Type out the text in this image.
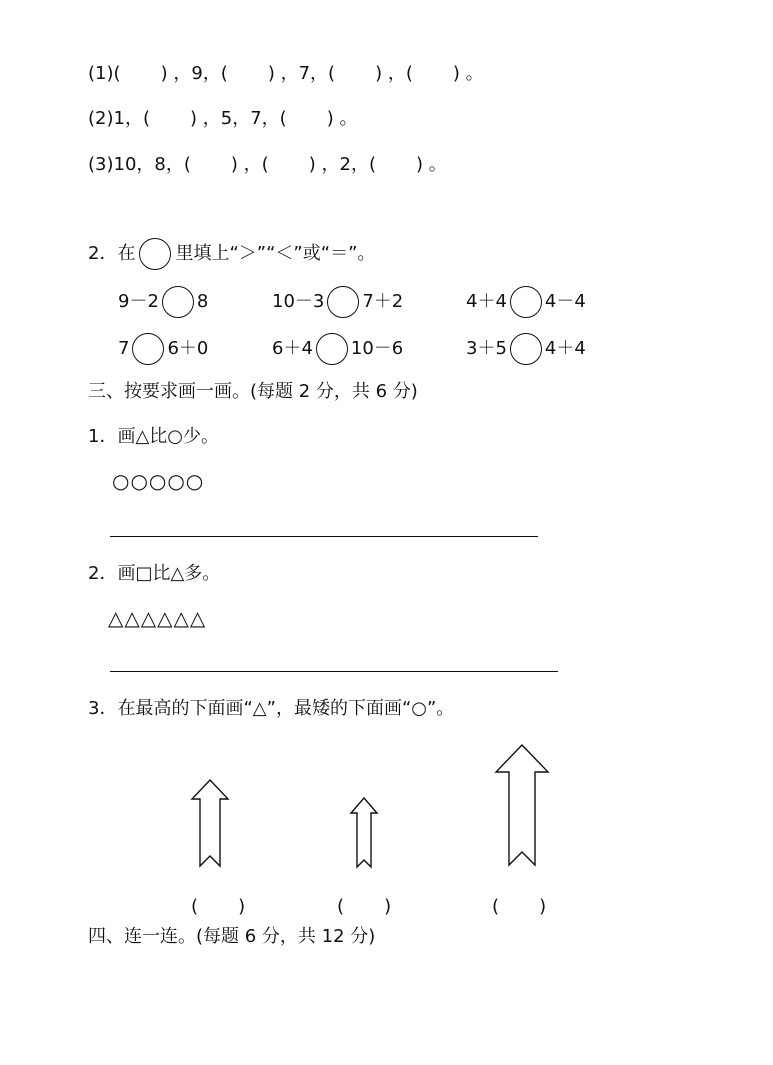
(1)(       ) ，9，(       ) ，7，(       ) ，(       ) 。
(2)1，(       ) ，5，7，(       ) 。
(3)10，8，(       ) ，(       ) ，2，(       ) 。
2．在 里填上“＞”“＜”或“＝”。
9－2 8	10－3 7＋2	4＋4 4－4
7 6＋0	6＋4 10－6	3＋5 4＋4
三、按要求画一画。(每题 2 分，共 6 分)
1．画△比○少。
○○○○○
2．画□比△多。
△△△△△△
3．在最高的下面画“△”，最矮的下面画“○”。
(       )	(       )	(       )
四、连一连。(每题 6 分，共 12 分)
